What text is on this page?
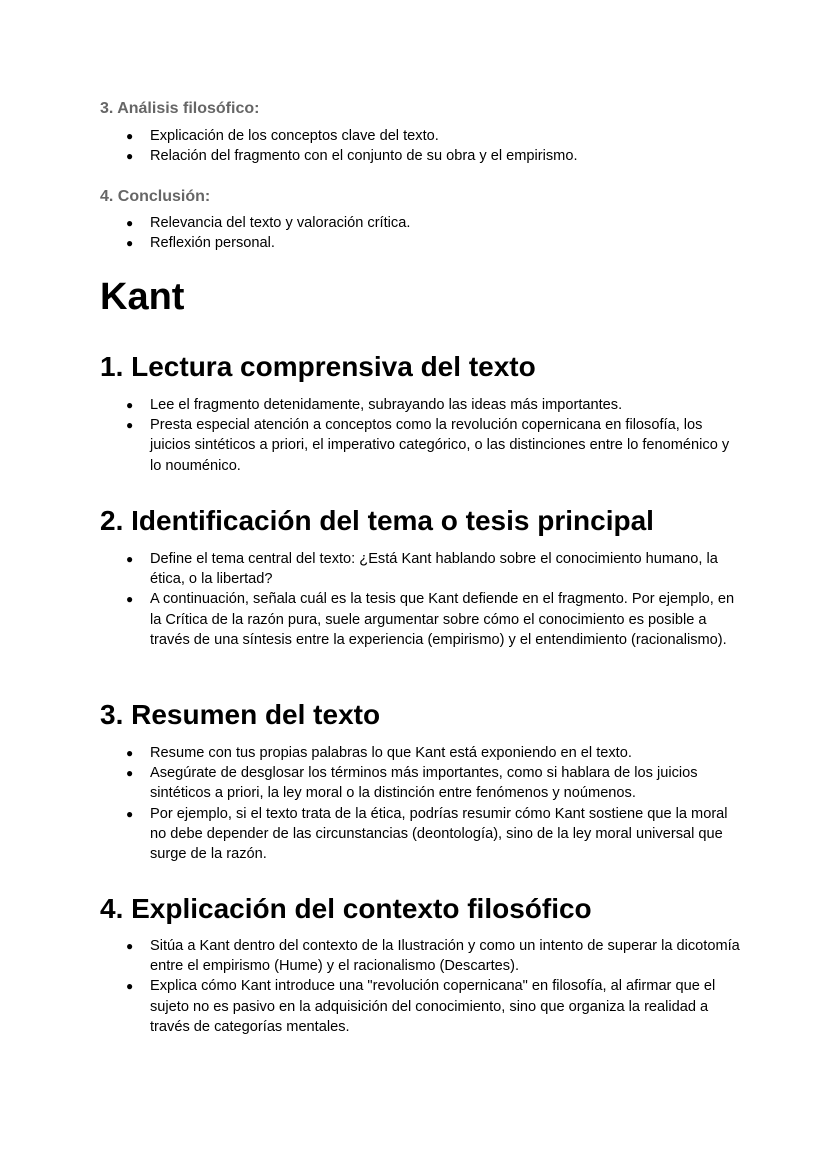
3. Análisis filosófico:
● Explicación de los conceptos clave del texto.
● Relación del fragmento con el conjunto de su obra y el empirismo.
4. Conclusión:
● Relevancia del texto y valoración crítica.
● Reflexión personal.
Kant
1. Lectura comprensiva del texto
● Lee el fragmento detenidamente, subrayando las ideas más importantes.
● Presta especial atención a conceptos como la revolución copernicana en filosofía, los juicios sintéticos a priori, el imperativo categórico, o las distinciones entre lo fenoménico y lo nouménico.
2. Identificación del tema o tesis principal
● Define el tema central del texto: ¿Está Kant hablando sobre el conocimiento humano, la ética, o la libertad?
● A continuación, señala cuál es la tesis que Kant defiende en el fragmento. Por ejemplo, en la Crítica de la razón pura, suele argumentar sobre cómo el conocimiento es posible a través de una síntesis entre la experiencia (empirismo) y el entendimiento (racionalismo).
3. Resumen del texto
● Resume con tus propias palabras lo que Kant está exponiendo en el texto.
● Asegúrate de desglosar los términos más importantes, como si hablara de los juicios sintéticos a priori, la ley moral o la distinción entre fenómenos y noúmenos.
● Por ejemplo, si el texto trata de la ética, podrías resumir cómo Kant sostiene que la moral no debe depender de las circunstancias (deontología), sino de la ley moral universal que surge de la razón.
4. Explicación del contexto filosófico
● Sitúa a Kant dentro del contexto de la Ilustración y como un intento de superar la dicotomía entre el empirismo (Hume) y el racionalismo (Descartes).
● Explica cómo Kant introduce una "revolución copernicana" en filosofía, al afirmar que el sujeto no es pasivo en la adquisición del conocimiento, sino que organiza la realidad a través de categorías mentales.
